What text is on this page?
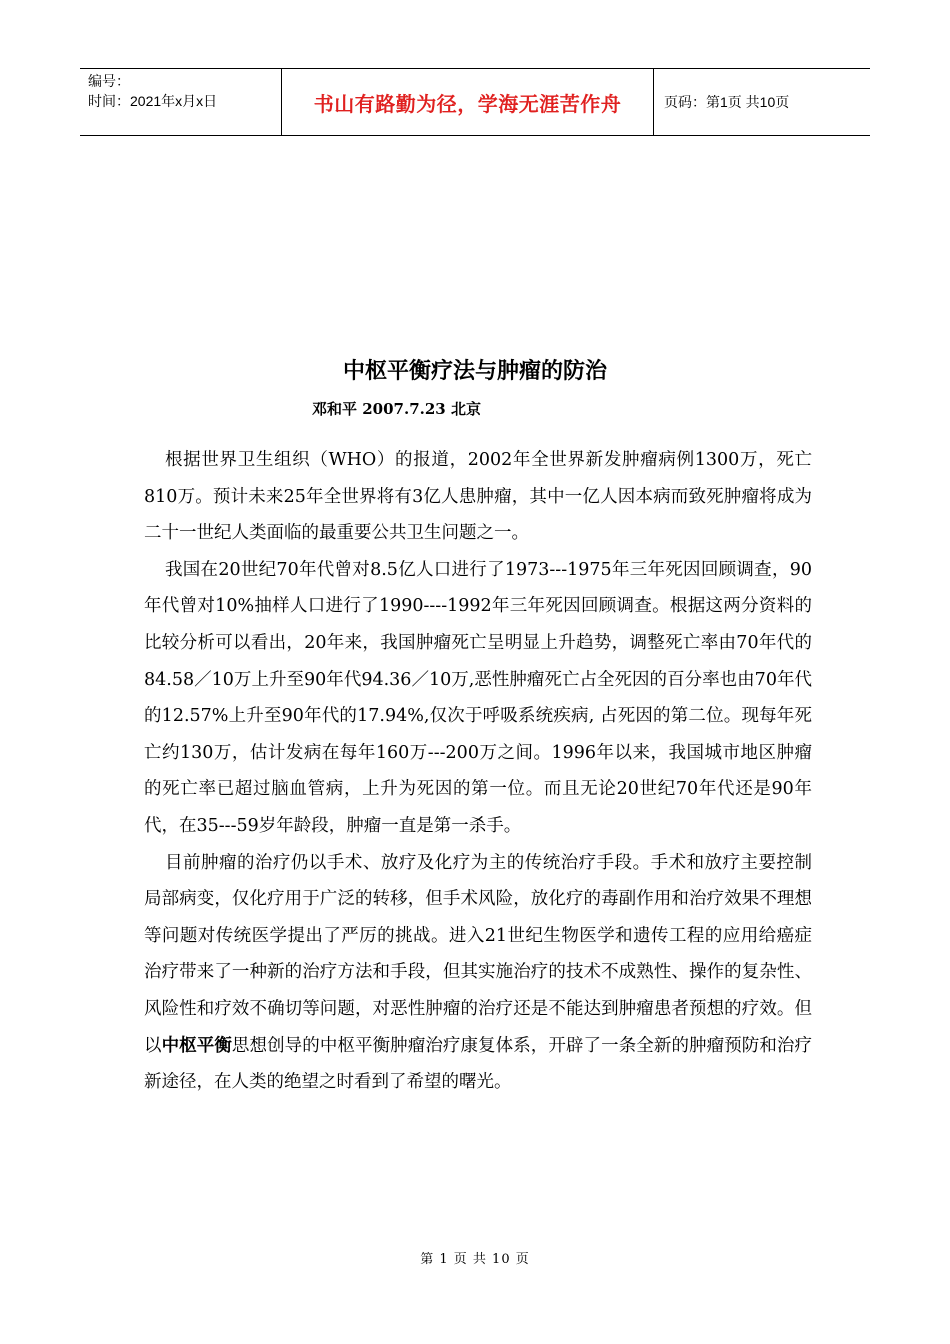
编号：
时间：2021年x月x日	书山有路勤为径，学海无涯苦作舟	页码：第1页 共10页
中枢平衡疗法与肿瘤的防治
邓和平 2007.7.23 北京

根据世界卫生组织（WHO）的报道，2002年全世界新发肿瘤病例1300万，死亡810万。预计未来25年全世界将有3亿人患肿瘤，其中一亿人因本病而致死肿瘤将成为二十一世纪人类面临的最重要公共卫生问题之一。

我国在20世纪70年代曾对8.5亿人口进行了1973---1975年三年死因回顾调查，90年代曾对10%抽样人口进行了1990----1992年三年死因回顾调查。根据这两分资料的比较分析可以看出，20年来，我国肿瘤死亡呈明显上升趋势，调整死亡率由70年代的84.58／10万上升至90年代94.36／10万,恶性肿瘤死亡占全死因的百分率也由70年代的12.57%上升至90年代的17.94%,仅次于呼吸系统疾病, 占死因的第二位。现每年死亡约130万，估计发病在每年160万---200万之间。1996年以来，我国城市地区肿瘤的死亡率已超过脑血管病，上升为死因的第一位。而且无论20世纪70年代还是90年代，在35---59岁年龄段，肿瘤一直是第一杀手。

目前肿瘤的治疗仍以手术、放疗及化疗为主的传统治疗手段。手术和放疗主要控制局部病变，仅化疗用于广泛的转移，但手术风险，放化疗的毒副作用和治疗效果不理想等问题对传统医学提出了严厉的挑战。进入21世纪生物医学和遗传工程的应用给癌症治疗带来了一种新的治疗方法和手段，但其实施治疗的技术不成熟性、操作的复杂性、风险性和疗效不确切等问题，对恶性肿瘤的治疗还是不能达到肿瘤患者预想的疗效。但以中枢平衡思想创导的中枢平衡肿瘤治疗康复体系，开辟了一条全新的肿瘤预防和治疗新途径，在人类的绝望之时看到了希望的曙光。

第 1 页 共 10 页
